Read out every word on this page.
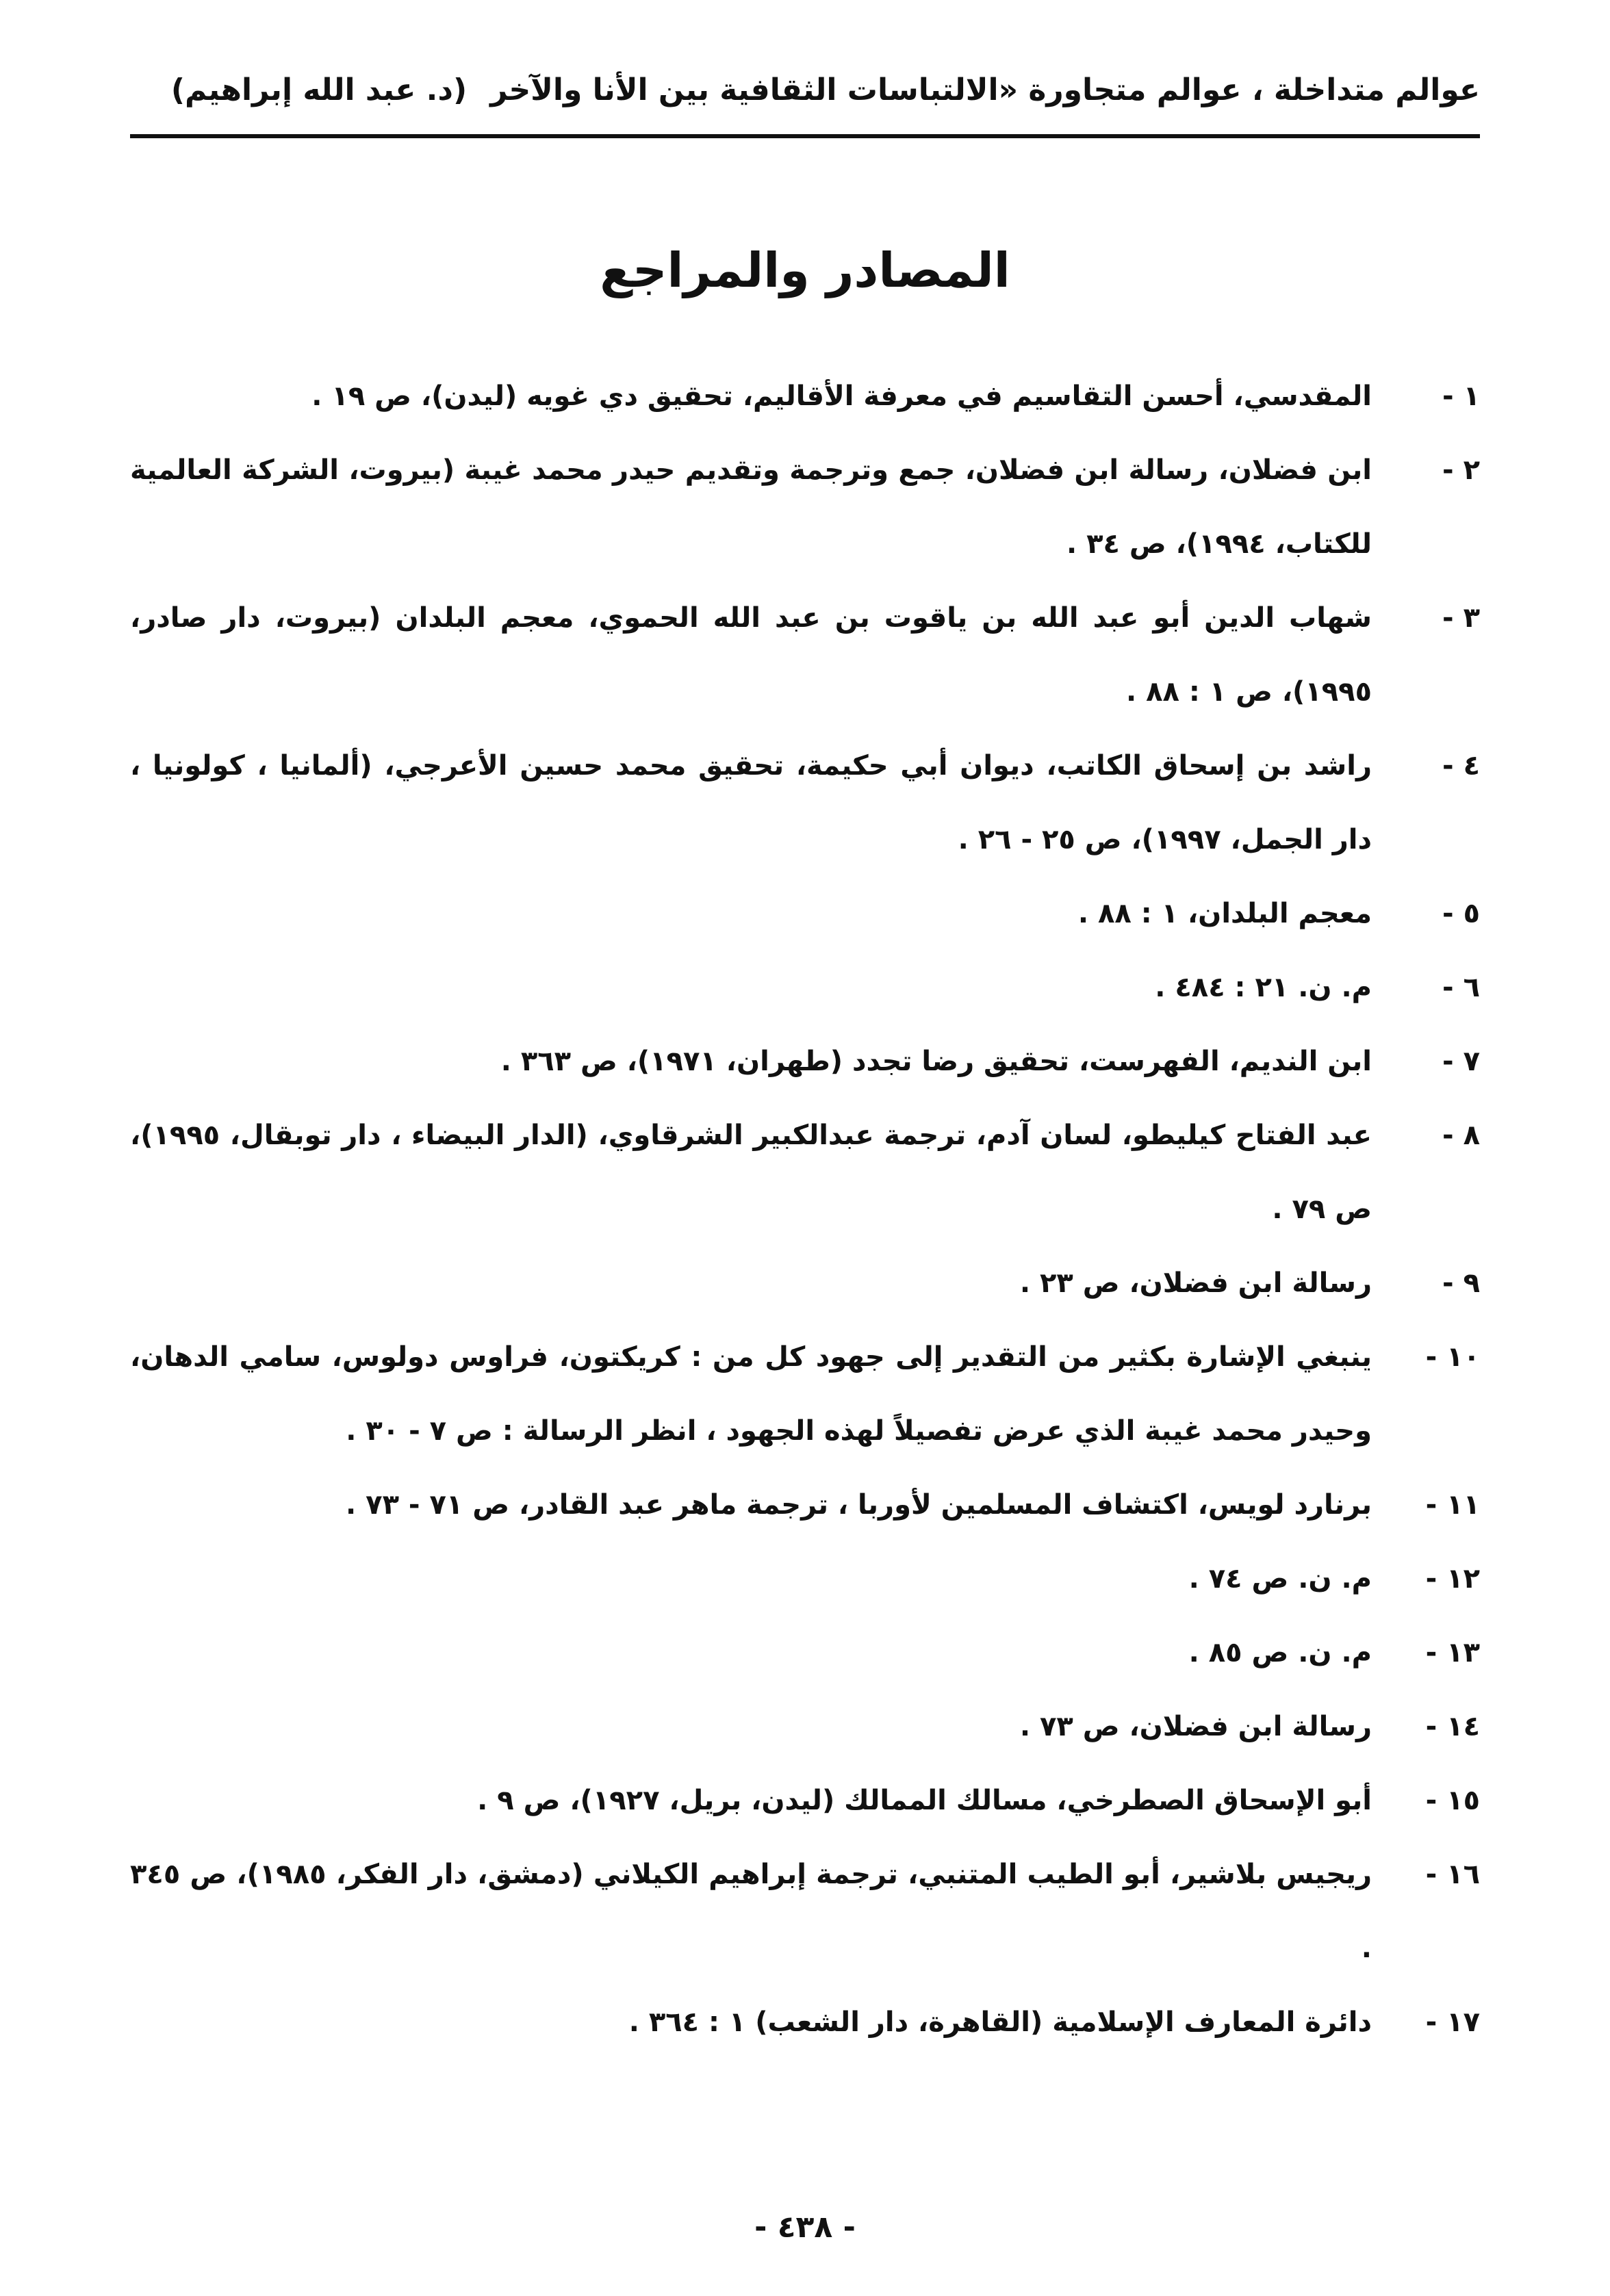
عوالم متداخلة ، عوالم متجاورة «الالتباسات الثقافية بين الأنا والآخر(د. عبد الله إبراهيم)
المصادر والمراجع
١ -
المقدسي، أحسن التقاسيم في معرفة الأقاليم، تحقيق دي غويه (ليدن)، ص ١٩ .
٢ -
ابن فضلان، رسالة ابن فضلان، جمع وترجمة وتقديم حيدر محمد غيبة (بيروت، الشركة العالمية للكتاب، ١٩٩٤)، ص ٣٤ .
٣ -
شهاب الدين أبو عبد الله بن ياقوت بن عبد الله الحموي، معجم البلدان (بيروت، دار صادر، ١٩٩٥)، ص ١ : ٨٨ .
٤ -
راشد بن إسحاق الكاتب، ديوان أبي حكيمة، تحقيق محمد حسين الأعرجي، (ألمانيا ، كولونيا ، دار الجمل، ١٩٩٧)، ص ٢٥ - ٢٦ .
٥ -
معجم البلدان، ١ : ٨٨ .
٦ -
م. ن. ٢١ : ٤٨٤ .
٧ -
ابن النديم، الفهرست، تحقيق رضا تجدد (طهران، ١٩٧١)، ص ٣٦٣ .
٨ -
عبد الفتاح كيليطو، لسان آدم، ترجمة عبدالكبير الشرقاوي، (الدار البيضاء ، دار توبقال، ١٩٩٥)، ص ٧٩ .
٩ -
رسالة ابن فضلان، ص ٢٣ .
١٠ -
ينبغي الإشارة بكثير من التقدير إلى جهود كل من : كريكتون، فراوس دولوس، سامي الدهان، وحيدر محمد غيبة الذي عرض تفصيلاً لهذه الجهود ، انظر الرسالة : ص ٧ - ٣٠ .
١١ -
برنارد لويس، اكتشاف المسلمين لأوربا ، ترجمة ماهر عبد القادر، ص ٧١ - ٧٣ .
١٢ -
م. ن. ص ٧٤ .
١٣ -
م. ن. ص ٨٥ .
١٤ -
رسالة ابن فضلان، ص ٧٣ .
١٥ -
أبو الإسحاق الصطرخي، مسالك الممالك (ليدن، بريل، ١٩٢٧)، ص ٩ .
١٦ -
ريجيس بلاشير، أبو الطيب المتنبي، ترجمة إبراهيم الكيلاني (دمشق، دار الفكر، ١٩٨٥)، ص ٣٤٥ .
١٧ -
دائرة المعارف الإسلامية (القاهرة، دار الشعب) ١ : ٣٦٤ .
- ٤٣٨ -
